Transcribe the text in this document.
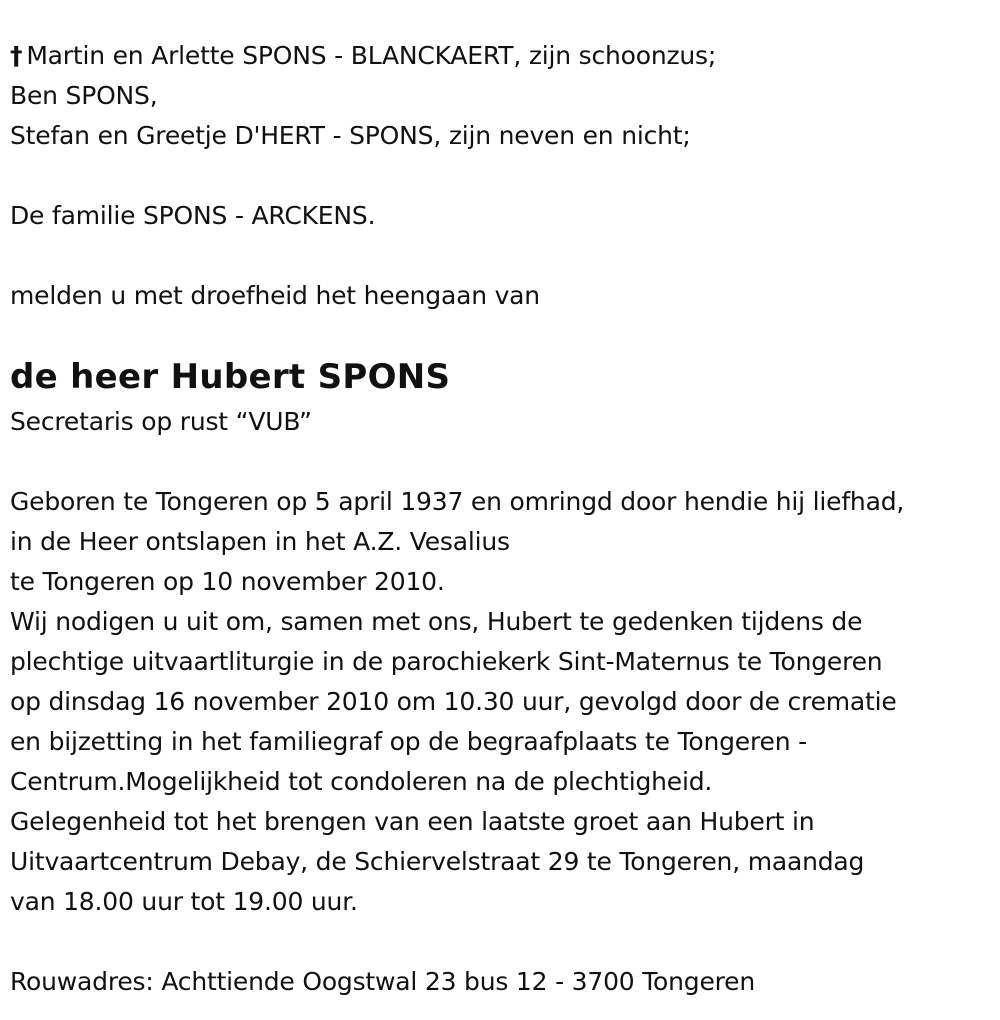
† Martin en Arlette SPONS - BLANCKAERT, zijn schoonzus;
Ben SPONS,
Stefan en Greetje D'HERT - SPONS, zijn neven en nicht;
De familie SPONS - ARCKENS.
melden u met droefheid het heengaan van
de heer Hubert SPONS
Secretaris op rust “VUB”
Geboren te Tongeren op 5 april 1937 en omringd door hendie hij liefhad,
in de Heer ontslapen in het A.Z. Vesalius
te Tongeren op 10 november 2010.
Wij nodigen u uit om, samen met ons, Hubert te gedenken tijdens de
plechtige uitvaartliturgie in de parochiekerk Sint-Maternus te Tongeren
op dinsdag 16 november 2010 om 10.30 uur, gevolgd door de crematie
en bijzetting in het familiegraf op de begraafplaats te Tongeren -
Centrum.Mogelijkheid tot condoleren na de plechtigheid.
Gelegenheid tot het brengen van een laatste groet aan Hubert in
Uitvaartcentrum Debay, de Schiervelstraat 29 te Tongeren, maandag
van 18.00 uur tot 19.00 uur.
Rouwadres: Achttiende Oogstwal 23 bus 12 - 3700 Tongeren
